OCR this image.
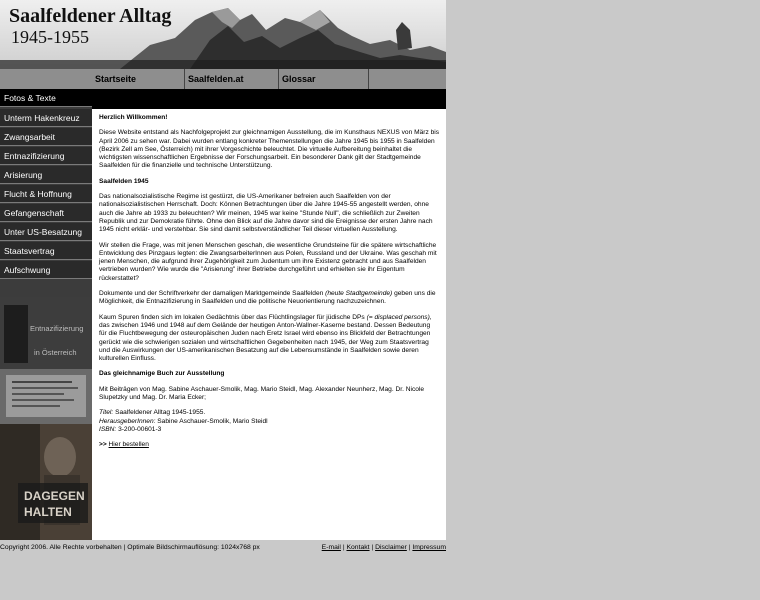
Saalfeldener Alltag
1945-1955
Startseite	Saalfelden.at	Glossar
Fotos & Texte
Unterm Hakenkreuz
Zwangsarbeit
Entnazifizierung
Arisierung
Flucht & Hoffnung
Gefangenschaft
Unter US-Besatzung
Staatsvertrag
Aufschwung
Entnazifizierung
in Österreich
DAGEGEN
HALTEN
Herzlich Willkommen!

Diese Website entstand als Nachfolgeprojekt zur gleichnamigen Ausstellung, die im Kunsthaus NEXUS von März bis April 2006 zu sehen war. Dabei wurden entlang konkreter Themenstellungen die Jahre 1945 bis 1955 in Saalfelden (Bezirk Zell am See, Österreich) mit ihrer Vorgeschichte beleuchtet. Die virtuelle Aufbereitung beinhaltet die wichtigsten wissenschaftlichen Ergebnisse der Forschungsarbeit. Ein besonderer Dank gilt der Stadtgemeinde Saalfelden für die finanzielle und technische Unterstützung.

Saalfelden 1945

Das nationalsozialistische Regime ist gestürzt, die US-Amerikaner befreien auch Saalfelden von der nationalsozialistischen Herrschaft. Doch: Können Betrachtungen über die Jahre 1945-55 angestellt werden, ohne auch die Jahre ab 1933 zu beleuchten? Wir meinen, 1945 war keine "Stunde Null", die schließlich zur Zweiten Republik und zur Demokratie führte. Ohne den Blick auf die Jahre davor sind die Ereignisse der ersten Jahre nach 1945 nicht erklär- und verstehbar. Sie sind damit selbstverständlicher Teil dieser virtuellen Ausstellung.

Wir stellen die Frage, was mit jenen Menschen geschah, die wesentliche Grundsteine für die spätere wirtschaftliche Entwicklung des Pinzgaus legten: die ZwangsarbeiterInnen aus Polen, Russland und der Ukraine. Was geschah mit jenen Menschen, die aufgrund ihrer Zugehörigkeit zum Judentum um ihre Existenz gebracht und aus Saalfelden vertrieben wurden? Wie wurde die "Arisierung" ihrer Betriebe durchgeführt und erhielten sie ihr Eigentum rückerstattet?

Dokumente und der Schriftverkehr der damaligen Marktgemeinde Saalfelden (heute Stadtgemeinde) geben uns die Möglichkeit, die Entnazifizierung in Saalfelden und die politische Neuorientierung nachzuzeichnen.

Kaum Spuren finden sich im lokalen Gedächtnis über das Flüchtlingslager für jüdische DPs (= displaced persons), das zwischen 1946 und 1948 auf dem Gelände der heutigen Anton-Wallner-Kaserne bestand. Dessen Bedeutung für die Fluchtbewegung der osteuropäischen Juden nach Eretz Israel wird ebenso ins Blickfeld der Betrachtungen gerückt wie die schwierigen sozialen und wirtschaftlichen Gegebenheiten nach 1945, der Weg zum Staatsvertrag und die Auswirkungen der US-amerikanischen Besatzung auf die Lebensumstände in Saalfelden sowie deren kulturellen Einfluss.

Das gleichnamige Buch zur Ausstellung

Mit Beiträgen von Mag. Sabine Aschauer-Smolik, Mag. Mario Steidl, Mag. Alexander Neunherz, Mag. Dr. Nicole Slupetzky und Mag. Dr. Maria Ecker;

Titel: Saalfeldener Alltag 1945-1955.
HerausgeberInnen: Sabine Aschauer-Smolik, Mario Steidl
ISBN: 3-200-00601-3

>> Hier bestellen

Copyright 2006. Alle Rechte vorbehalten | Optimale Bildschirmauflösung: 1024x768 px	E-mail | Kontakt | Disclaimer | Impressum
